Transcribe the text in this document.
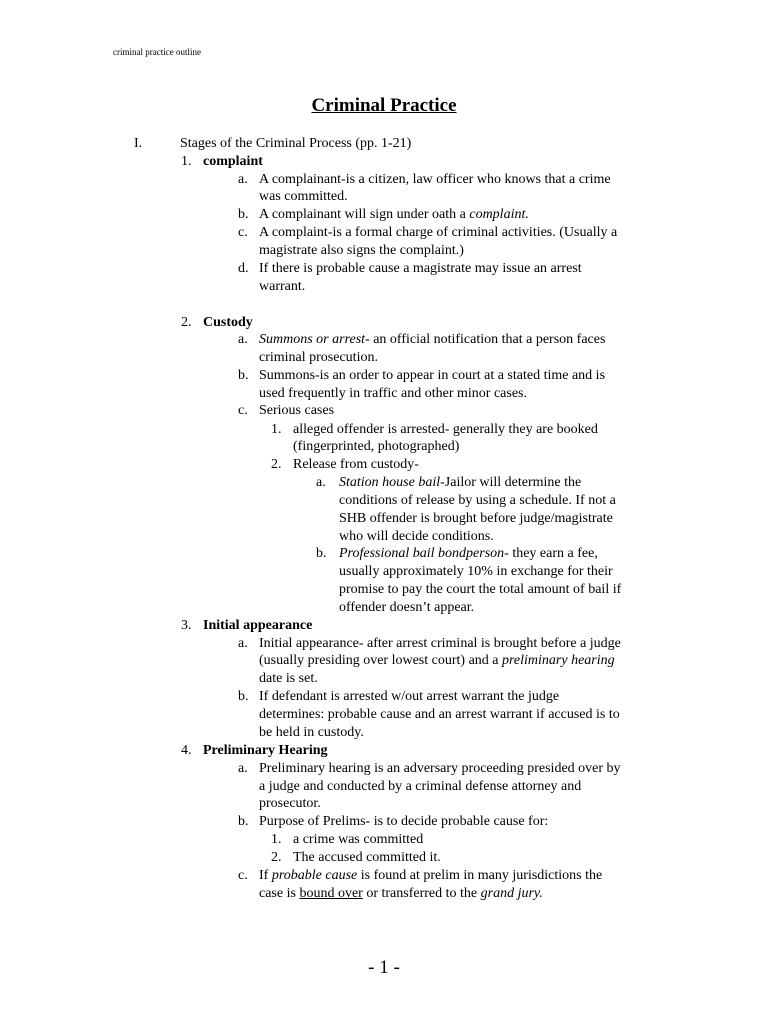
criminal practice outline
Criminal Practice
I.	Stages of the Criminal Process (pp. 1-21)
1. complaint
a. A complainant-is a citizen, law officer who knows that a crime
was committed.
b. A complainant will sign under oath a complaint.
c. A complaint-is a formal charge of criminal activities. (Usually a
magistrate also signs the complaint.)
d. If there is probable cause a magistrate may issue an arrest
warrant.
2. Custody
a. Summons or arrest- an official notification that a person faces
criminal prosecution.
b. Summons-is an order to appear in court at a stated time and is
used frequently in traffic and other minor cases.
c. Serious cases
1. alleged offender is arrested- generally they are booked
(fingerprinted, photographed)
2. Release from custody-
a. Station house bail-Jailor will determine the
conditions of release by using a schedule. If not a
SHB offender is brought before judge/magistrate
who will decide conditions.
b. Professional bail bondperson- they earn a fee,
usually approximately 10% in exchange for their
promise to pay the court the total amount of bail if
offender doesn’t appear.
3. Initial appearance
a. Initial appearance- after arrest criminal is brought before a judge
(usually presiding over lowest court) and a preliminary hearing
date is set.
b. If defendant is arrested w/out arrest warrant the judge
determines: probable cause and an arrest warrant if accused is to
be held in custody.
4. Preliminary Hearing
a. Preliminary hearing is an adversary proceeding presided over by
a judge and conducted by a criminal defense attorney and
prosecutor.
b. Purpose of Prelims- is to decide probable cause for:
1. a crime was committed
2. The accused committed it.
c. If probable cause is found at prelim in many jurisdictions the
case is bound over or transferred to the grand jury.
- 1 -
